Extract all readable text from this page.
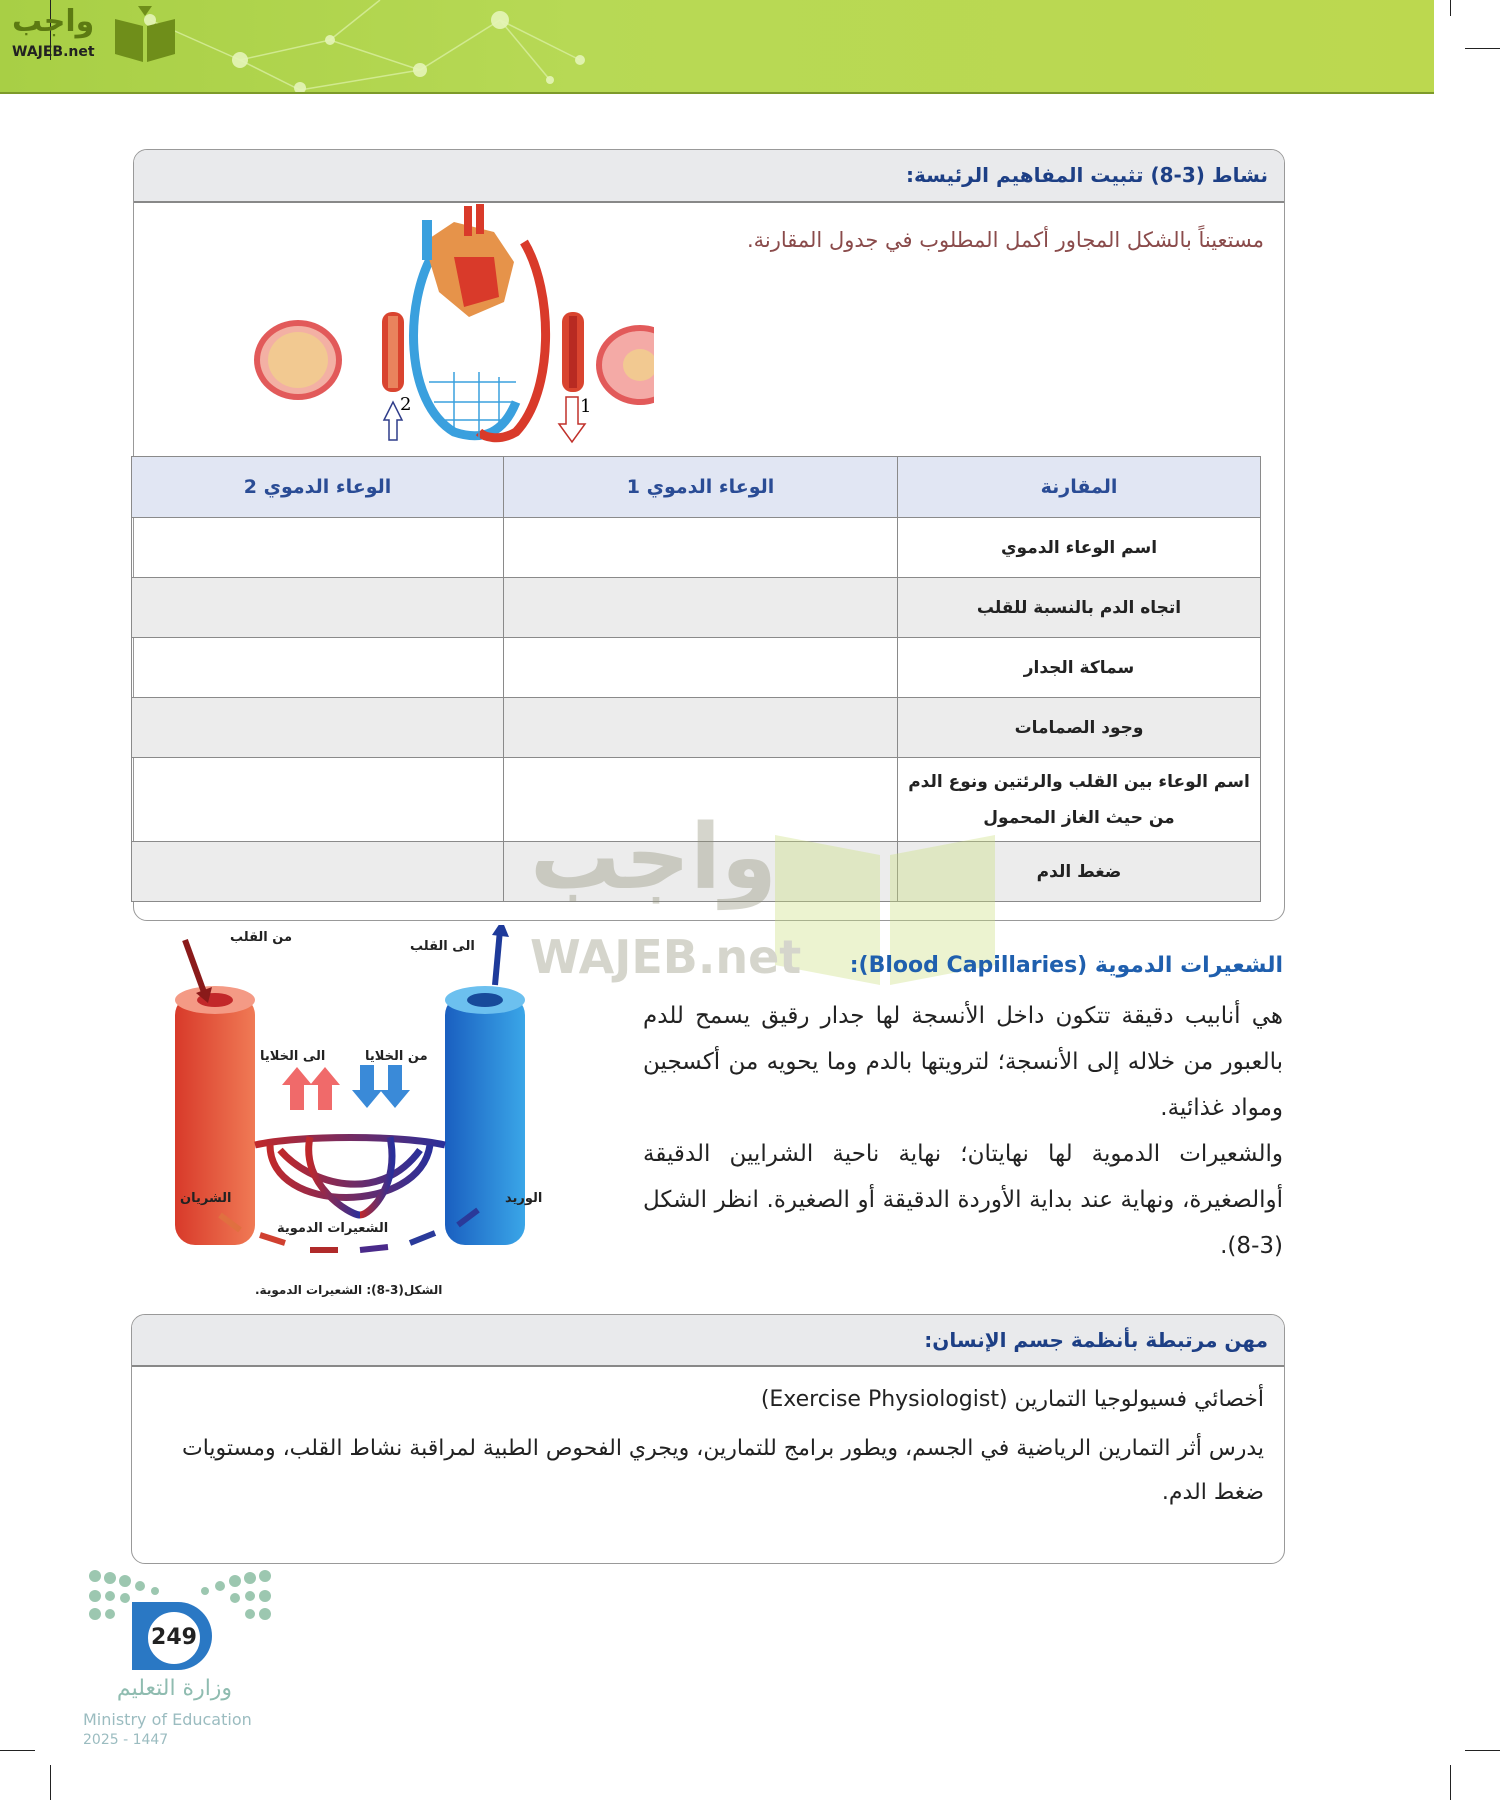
واجب
WAJEB.net
نشاط (3-8) تثبيت المفاهيم الرئيسة:
مستعيناً بالشكل المجاور أكمل المطلوب في جدول المقارنة.
2	1
المقارنة	الوعاء الدموي 1	الوعاء الدموي 2
اسم الوعاء الدموي		
اتجاه الدم بالنسبة للقلب		
سماكة الجدار		
وجود الصمامات		
اسم الوعاء بين القلب والرئتين ونوع الدم من حيث الغاز المحمول		
ضغط الدم		
واجب
WAJEB.net
من القلب
الى القلب
الى الخلايا	من الخلايا
الشريان	الوريد
الشعيرات الدموية
الشكل(3-8): الشعيرات الدموية.
الشعيرات الدموية (Blood Capillaries):

هي أنابيب دقيقة تتكون داخل الأنسجة لها جدار رقيق يسمح للدم بالعبور من خلاله إلى الأنسجة؛ لترويتها بالدم وما يحويه من أكسجين ومواد غذائية.

والشعيرات الدموية لها نهايتان؛ نهاية ناحية الشرايين الدقيقة أوالصغيرة، ونهاية عند بداية الأوردة الدقيقة أو الصغيرة. انظر الشكل (3-8).

مهن مرتبطة بأنظمة جسم الإنسان:
أخصائي فسيولوجيا التمارين (Exercise Physiologist)
يدرس أثر التمارين الرياضية في الجسم، ويطور برامج للتمارين، ويجري الفحوص الطبية لمراقبة نشاط القلب، ومستويات ضغط الدم.
249
وزارة التعليم
Ministry of Education
2025 - 1447
